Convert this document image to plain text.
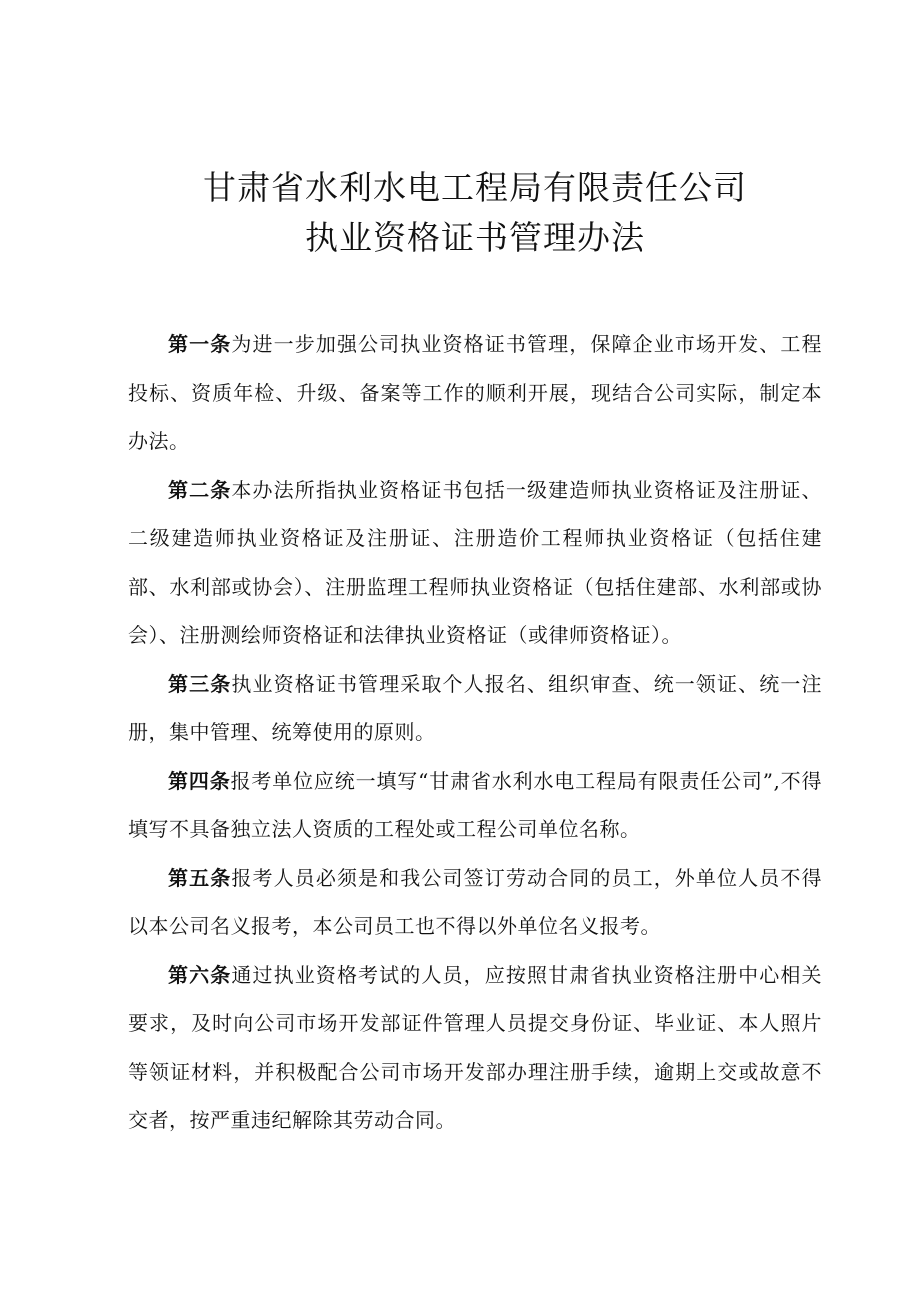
甘肃省水利水电工程局有限责任公司
执业资格证书管理办法

第一条为进一步加强公司执业资格证书管理，保障企业市场开发、工程投标、资质年检、升级、备案等工作的顺利开展，现结合公司实际，制定本办法。

第二条本办法所指执业资格证书包括一级建造师执业资格证及注册证、二级建造师执业资格证及注册证、注册造价工程师执业资格证（包括住建部、水利部或协会）、注册监理工程师执业资格证（包括住建部、水利部或协会）、注册测绘师资格证和法律执业资格证（或律师资格证）。

第三条执业资格证书管理采取个人报名、组织审查、统一领证、统一注册，集中管理、统筹使用的原则。

第四条报考单位应统一填写“甘肃省水利水电工程局有限责任公司”,不得填写不具备独立法人资质的工程处或工程公司单位名称。

第五条报考人员必须是和我公司签订劳动合同的员工，外单位人员不得以本公司名义报考，本公司员工也不得以外单位名义报考。

第六条通过执业资格考试的人员，应按照甘肃省执业资格注册中心相关要求，及时向公司市场开发部证件管理人员提交身份证、毕业证、本人照片等领证材料，并积极配合公司市场开发部办理注册手续，逾期上交或故意不交者，按严重违纪解除其劳动合同。
